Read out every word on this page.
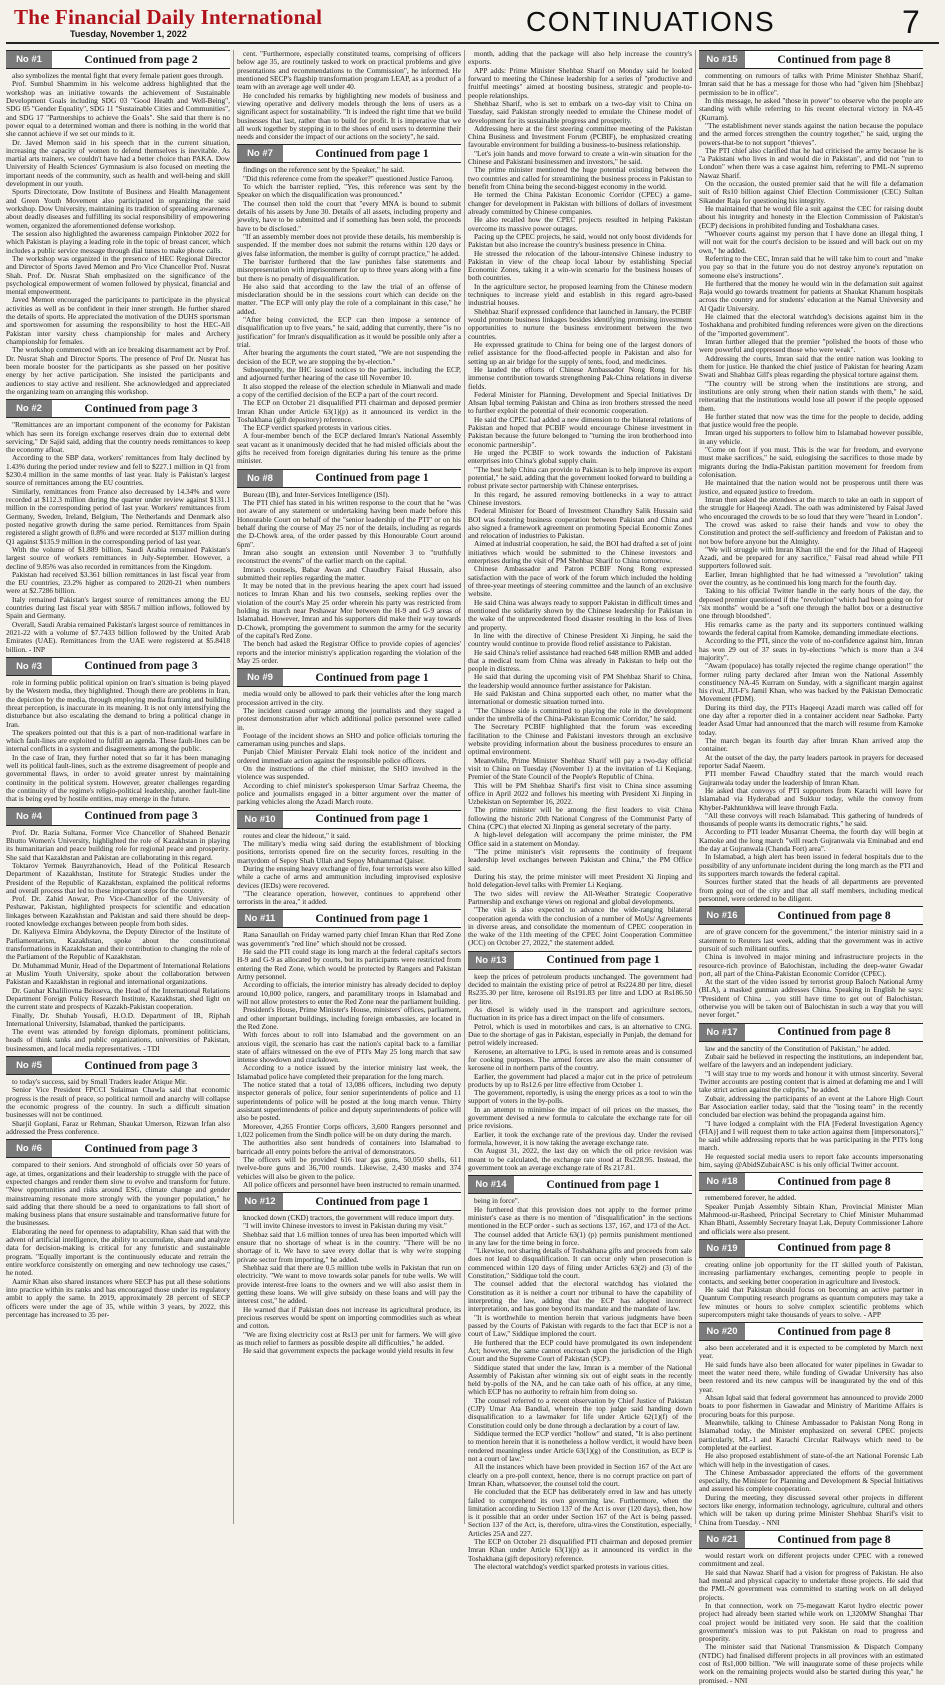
The Financial Daily International
Tuesday, November 1, 2022	CONTINUATIONS	7
No #1	Continued from page 2

also symbolizes the mental fight that every female patient goes through.

Prof. Sumbul Shammim in his welcome address highlighted that the workshop was an initiative towards the achievement of Sustainable Development Goals including SDG 03 "Good Health and Well-Being", SDG 05 "Gender Equality", SDG 11 "Sustainable Cities and Communities", and SDG 17 "Partnerships to achieve the Goals". She said that there is no power equal to a determined woman and there is nothing in the world that she cannot achieve if we set our minds to it.

Dr. Javed Memon said in his speech that in the current situation, increasing the capacity of women to defend themselves is inevitable. As martial arts trainers, we couldn't have had a better choice than PAKA. Dow University of Health Sciences' Gymnasium is also focused on meeting the important needs of the community, such as health and well-being and skill development in our youth.

Sports Directorate, Dow Institute of Business and Health Management and Green Youth Movement also participated in organizing the said workshop. Dow University, maintaining its tradition of spreading awareness about deadly diseases and fulfilling its social responsibility of empowering women, organized the aforementioned defense workshop.

The session also highlighted the awareness campaign Pinktober 2022 for which Pakistan is playing a leading role in the topic of breast cancer, which includes a public service message through dial tunes to make phone calls.

The workshop was organized in the presence of HEC Regional Director and Director of Sports Javed Memon and Pro Vice Chancellor Prof. Nusrat Shah. Prof. Dr. Nusrat Shah emphasized on the significance of the psychological empowerment of women followed by physical, financial and mental empowerment.

Javed Memon encouraged the participants to participate in the physical activities as well as be confident in their inner strength. He further shared the details of sports. He appreciated the motivation of the DUHS sportsman and sportswomen for assuming the responsibility to host the HEC-All Pakistan inter varsity chess championship for males and Archery championship for females.

The workshop commenced with an ice breaking disarmament act by Prof. Dr. Nusrat Shah and Director Sports. The presence of Prof Dr. Nusrat has been morale booster for the participants as she passed on her positive energy by her active participation. She insisted the participants and audiences to stay active and resilient. She acknowledged and appreciated the organizing team on arranging this workshop.

No #2	Continued from page 3

"Remittances are an important component of the economy for Pakistan which has seen its foreign exchange reserves drain due to external debt servicing," Dr Sajid said, adding that the country needs remittances to keep the economy afloat.

According to the SBP data, workers' remittances from Italy declined by 1.43% during the period under review and fell to $227.1 million in Q1 from $230.4 million in the same months of last year. Italy is Pakistan's largest source of remittances among the EU countries.

Similarly, remittances from France also decreased by 14.34% and were recorded at $112.3 million during the quarter under review against $131.1 million in the corresponding period of last year. Workers' remittances from Germany, Sweden, Ireland, Belgium, The Netherlands and Denmark also posted negative growth during the same period. Remittances from Spain registered a slight growth of 0.8% and were recorded at $137 million during Q1 against $135.9 million in the corresponding period of last year.

With the volume of $1.889 billion, Saudi Arabia remained Pakistan's largest source of workers remittances in July-September. However, a decline of 9.85% was also recorded in remittances from the Kingdom.

Pakistan had received $3.361 billion remittances in last fiscal year from the EU countries, 23.2% higher as compared to 2020-21 when numbers were at $2.7286 billion.

Italy remained Pakistan's largest source of remittances among the EU countries during last fiscal year with $856.7 million inflows, followed by Spain and Germany.

Overall, Saudi Arabia remained Pakistan's largest source of remittances in 2021-22 with a volume of $7.7433 billion followed by the United Arab Emirates (UAE). Remittances from the UAE were registered at $5.8418 billion. - INP

No #3	Continued from page 3

role in forming public political opinion on Iran's situation is being played by the Western media, they highlighted. Though there are problems in Iran, the depiction by the media, through employing media framing and building threat perception, is inaccurate in its meaning. It is not only intensifying the disturbance but also escalating the demand to bring a political change in Iran.

The speakers pointed out that this is a part of non-traditional warfare in which fault-lines are exploited to fulfill an agenda. These fault-lines can be internal conflicts in a system and disagreements among the public.

In the case of Iran, they further noted that so far it has been managing well its political fault-lines, such as the extreme disagreement of people and governmental flaws, in order to avoid greater unrest by maintaining continuity in the political system. However, greater challenges regarding the continuity of the regime's religio-political leadership, another fault-line that is being eyed by hostile entities, may emerge in the future.

No #4	Continued from page 3

Prof. Dr. Razia Sultana, Former Vice Chancellor of Shaheed Benazir Bhutto Women's University, highlighted the role of Kazakhstan in playing its humanitarian and peace building role for regional peace and prosperity. She said that Kazakhstan and Pakistan are collaborating in this regard.

Toktarov Yermek Bauyrzhanovich, Head of the Political Research Department of Kazakhstan, Institute for Strategic Studies under the President of the Republic of Kazakhstan, explained the political reforms and overall process that led to these important steps for the country.

Prof. Dr. Zahid Anwar, Pro Vice-Chancellor of the University of Peshawar, Pakistan, highlighted prospects for scientific and education linkages between Kazakhstan and Pakistan and said there should be deep-rooted knowledge exchanges between people from both sides.

Dr. Kaliyeva Elmira Abdykovna, the Deputy Director of the Institute of Parliamentarism, Kazakhstan, spoke about the constitutional transformations in Kazakhstan and their contribution to changing the role of the Parliament of the Republic of Kazakhstan.

Dr. Muhammad Munir, Head of the Department of International Relations at Muslim Youth University, spoke about the collaboration between Pakistan and Kazakhstan in regional and international organizations.

Dr. Gauhar Khaliliovna Beisseva, the Head of the International Relations Department Foreign Policy Research Institute, Kazakhstan, shed light on the current state and prospects of Kazakh-Pakistan cooperation.

Finally, Dr. Shuhab Yousafi, H.O.D. Department of IR, Riphah International University, Islamabad, thanked the participants.

The event was attended by foreign diplomats, prominent politicians, heads of think tanks and public organizations, universities of Pakistan, businessmen, and local media representatives. - TDI

No #5	Continued from page 3

to today's success, said by Small Traders leader Atique Mir.

Senior Vice President FPCCI Sulaiman Chawla said that economic progress is the result of peace, so political turmoil and anarchy will collapse the economic progress of the country. In such a difficult situation businesses will not be continued.

Sharjil Goplani, Faraz ur Rehman, Shaukat Umerson, Rizwan Irfan also addressed the Press conference.

No #6	Continued from page 3

compared to their seniors. And stronghold of officials over 50 years of age, at times, organizations and their leadership to struggle with the pace of expected changes and render them slow to evolve and transform for future. "New opportunities and risks around ESG, climate change and gender mainstreaming resonate more strongly with the younger population," he said adding that there should be a need to organizations to fall short of making business plans that ensure sustainable and transformative future for the businesses.

Elaborating the need for openness to adaptability, Khan said that with the advent of artificial intelligence, the ability to accumulate, share and analyze data for decision-making is critical for any futuristic and sustainable program. "Equally important is the continuously educate and retrain the entire workforce consistently on emerging and new technology use cases," he noted.

Aamir Khan also shared instances where SECP has put all these solutions into practice within its ranks and has encouraged those under its regulatory ambit to apply the same. In 2019, approximately 28 percent of SECP officers were under the age of 35, while within 3 years, by 2022, this percentage has increased to 35 per-

cent. "Furthermore, especially constituted teams, comprising of officers below age 35, are routinely tasked to work on practical problems and give presentations and recommendations to the Commission", he informed. He mentioned SECP's flagship transformation program LEAP, as a product of a team with an average age well under 40.

He concluded his remarks by highlighting new models of business and viewing operative and delivery models through the lens of users as a significant aspect for sustainability. "It is indeed the right time that we build businesses that last, rather than to build for profit. It is imperative that we all work together by stepping in to the shoes of end users to determine their needs and consider the impact of our actions on the society", he said.

No #7	Continued from page 1

findings on the reference sent by the Speaker," he said.

"Did this reference come from the speaker?" questioned Justice Farooq.

To which the barrister replied, "Yes, this reference was sent by the Speaker on which the disqualification was pronounced."

The counsel then told the court that "every MNA is bound to submit details of his assets by June 30. Details of all assets, including property and jewelry, have to be submitted and if something has been sold, the proceeds have to be disclosed."

"If an assembly member does not provide these details, his membership is suspended. If the member does not submit the returns within 120 days or gives false information, the member is guilty of corrupt practice," he added.

The barrister furthered that the law punishes false statements and misrepresentation with imprisonment for up to three years along with a fine but there is no penalty of disqualification.

He also said that according to the law the trial of an offense of misdeclaration should be in the sessions court which can decide on the matter. "The ECP will only play the role of a complainant in this case," he added.

"After being convicted, the ECP can then impose a sentence of disqualification up to five years," he said, adding that currently, there "is no justification" for Imran's disqualification as it would be possible only after a trial.

After hearing the arguments the court stated, "We are not suspending the decision of the ECP, we are stopping the by-election."

Subsequently, the IHC issued notices to the parties, including the ECP, and adjourned further hearing of the case till November 10.

It also stopped the release of the election schedule in Mianwali and made a copy of the certified decision of the ECP a part of the court record.

The ECP on October 21 disqualified PTI chairman and deposed premier Imran Khan under Article 63(1)(p) as it announced its verdict in the Toshakhana (gift depository) reference.

The ECP verdict sparked protests in various cities.

A four-member bench of the ECP declared Imran's National Assembly seat vacant as it unanimously decided that he had misled officials about the gifts he received from foreign dignitaries during his tenure as the prime minister.

No #8	Continued from page 1

Bureau (IB), and Inter-Services Intelligence (ISI).

The PTI chief has stated in his written response to the court that he "was not aware of any statement or undertaking having been made before this Honourable Court on behalf of the "senior leadership of the PTI" or on his behalf during the course of May 25 nor of the details, including as regards the D-Chowk area, of the order passed by this Honourable Court around 6pm".

Imran also sought an extension until November 3 to "truthfully reconstruct the events" of the earlier march on the capital.

Imran's counsels, Babar Awan and Chaudhry Faisal Hussain, also submitted their replies regarding the matter.

It may be noted that in the previous hearing the apex court had issued notices to Imran Khan and his two counsels, seeking replies over the violation of the court's May 25 order wherein his party was restricted from holding its march near Peshawar Mor between the H-9 and G-9 areas of Islamabad. However, Imran and his supporters did make their way towards D-Chowk, prompting the government to summon the army for the security of the capital's Red Zone.

The bench had asked the Registrar Office to provide copies of agencies' reports and the interior ministry's application regarding the violation of the May 25 order.

No #9	Continued from page 1

media would only be allowed to park their vehicles after the long march procession arrived in the city.

The incident caused outrage among the journalists and they staged a protest demonstration after which additional police personnel were called in.

Footage of the incident shows an SHO and police officials torturing the cameraman using punches and slaps.

Punjab Chief Minister Pervaiz Elahi took notice of the incident and ordered immediate action against the responsible police officers.

On the instructions of the chief minister, the SHO involved in the violence was suspended.

According to chief minister's spokesperson Umar Sarfraz Cheema, the police and journalists engaged in a bitter argument over the matter of parking vehicles along the Azadi March route.

No #10	Continued from page 1

routes and clear the hideout," it said.

The military's media wing said during the establishment of blocking positions, terrorists opened fire on the security forces, resulting in the martyrdom of Sepoy Shah Ullah and Sepoy Muhammad Qaiser.

During the ensuing heavy exchange of fire, four terrorists were also killed while a cache of arms and ammunition including improvised explosive devices (IEDs) were recovered.

"The clearance operation, however, continues to apprehend other terrorists in the area," it added.

No #11	Continued from page 1

Rana Sanaullah on Friday warned party chief Imran Khan that Red Zone was government's "red line" which should not be crossed.

He said the PTI could stage its long march at the federal capital's sectors H-9 and G-9 as allocated by courts, but its participants were restricted from entering the Red Zone, which would be protected by Rangers and Pakistan Army personnel.

According to officials, the interior ministry has already decided to deploy around 10,000 police, rangers, and paramilitary troops in Islamabad and will not allow protesters to enter the Red Zone near the parliament building.

President's House, Prime Minister's House, ministers' offices, parliament, and other important buildings, including foreign embassies, are located in the Red Zone.

With forces about to roll into Islamabad and the government on an anxious vigil, the scenario has cast the nation's capital back to a familiar state of affairs witnessed on the eve of PTI's May 25 long march that saw intense showdown and crackdown.

According to a notice issued by the interior ministry last week, the Islamabad police have completed their preparation for the long march.

The notice stated that a total of 13,086 officers, including two deputy inspector generals of police, four senior superintendents of police and 11 superintendents of police will be posted at the long march venue. Thirty assistant superintendents of police and deputy superintendents of police will also be posted.

Moreover, 4,265 Frontier Corps officers, 3,600 Rangers personnel and 1,022 policemen from the Sindh police will be on duty during the march.

The authorities also sent hundreds of containers into Islamabad to barricade all entry points before the arrival of demonstrators.

The officers will be provided 616 tear gas guns, 50,050 shells, 611 twelve-bore guns and 36,700 rounds. Likewise, 2,430 masks and 374 vehicles will also be given to the police.

All police officers and personnel have been instructed to remain unarmed.

No #12	Continued from page 1

knocked down (CKD) tractors, the government will reduce import duty.

"I will invite Chinese investors to invest in Pakistan during my visit."

Shehbaz said that 1.6 million tonnes of urea has been imported which will ensure that no shortage of wheat is in the country. "There will be no shortage of it. We have to save every dollar that is why we're stopping private sector from importing," he added.

Shehbaz said that there are 0.5 million tube wells in Pakistan that run on electricity. "We want to move towards solar panels for tube wells. We will provide interest-free loans to the owners and we will also assist them in getting these loans. We will give subsidy on these loans and will pay the interest cost," he added.

He warned that if Pakistan does not increase its agricultural produce, its precious reserves would be spent on importing commodities such as wheat and cotton.

"We are fixing electricity cost at Rs13 per unit for farmers. We will give as much relief to farmers as possible despite all difficulties," he added.

He said that government expects the package would yield results in few

month, adding that the package will also help increase the country's exports.

APP adds: Prime Minister Shehbaz Sharif on Monday said he looked forward to meeting the Chinese leadership for a series of "productive and fruitful meetings" aimed at boosting business, strategic and people-to-people relationships.

Shehbaz Sharif, who is set to embark on a two-day visit to China on Tuesday, said Pakistan strongly needed to emulate the Chinese model of development for its sustainable progress and prosperity.

Addressing here at the first steering committee meeting of the Pakistan China Business and Investment Forum (PCBIF), he emphasized creating favourable environment for building a business-to-business relationship.

"Let's join hands and move forward to create a win-win situation for the Chinese and Pakistani businessmen and investors," he said.

The prime minister mentioned the huge potential existing between the two countries and called for streamlining the business process in Pakistan to benefit from China being the second-biggest economy in the world.

He termed the China Pakistan Economic Corridor (CPEC) a game-changer for development in Pakistan with billions of dollars of investment already committed by Chinese companies.

He also recalled how the CPEC projects resulted in helping Pakistan overcome its massive power outages.

Pacing up the CPEC projects, he said, would not only boost dividends for Pakistan but also increase the country's business presence in China.

He stressed the relocation of the labour-intensive Chinese industry to Pakistan in view of the cheap local labour by establishing Special Economic Zones, taking it a win-win scenario for the business houses of both countries.

In the agriculture sector, he proposed learning from the Chinese modern techniques to increase yield and establish in this regard agro-based industrial houses.

Shehbaz Sharif expressed confidence that launched in January, the PCBIF would promote business linkages besides identifying promising investment opportunities to nurture the business environment between the two countries.

He expressed gratitude to China for being one of the largest donors of relief assistance for the flood-affected people in Pakistan and also for setting up an air bridge for the supply of tents, food, and medicines.

He lauded the efforts of Chinese Ambassador Nong Rong for his immense contribution towards strengthening Pak-China relations in diverse fields.

Federal Minister for Planning, Development and Special Initiatives Dr Ahsan Iqbal terming Pakistan and China as iron brothers stressed the need to further exploit the potential of their economic cooperation.

He said the CPEC had added a new dimension to the bilateral relations of Pakistan and hoped that PCBIF would encourage Chinese investment in Pakistan because the future belonged to "turning the iron brotherhood into economic partnership".

He urged the PCBIF to work towards the induction of Pakistani enterprises into China's global supply chain.

"The best help China can provide to Pakistan is to help improve its export potential," he said, adding that the government looked forward to building a robust private sector partnership with Chinese enterprises.

In this regard, he assured removing bottlenecks in a way to attract Chinese investors.

Federal Minister for Board of Investment Chaudhry Salik Hussain said BOI was fostering business cooperation between Pakistan and China and also signed a framework agreement on promoting Special Economic Zones and relocation of industries to Pakistan.

Aimed at industrial cooperation, he said, the BOI had drafted a set of joint initiatives which would be submitted to the Chinese investors and enterprises during the visit of PM Shehbaz Sharif to China tomorrow.

Chinese Ambassador and Patron PCBIF Nong Rong expressed satisfaction with the pace of work of the forum which included the holding of three-year meetings of steering committee and the launch of an exclusive website.

He said China was always ready to support Pakistan in difficult times and mentioned the solidarity shown by the Chinese leadership for Pakistan in the wake of the unprecedented flood disaster resulting in the loss of lives and property.

In line with the directive of Chinese President Xi Jinping, he said the country would continue to provide flood relief assistance to Pakistan.

He said China's relief assistance had reached 648 million RMB and added that a medical team from China was already in Pakistan to help out the people in distress.

He said that during the upcoming visit of PM Shehbaz Sharif to China, the leadership would announce further assistance for Pakistan.

He said Pakistan and China supported each other, no matter what the international or domestic situation turned into.

"The Chinese side is committed to playing the role in the development under the umbrella of the China-Pakistan Economic Corridor," he said.

The Secretary PCBIF highlighted that the forum was exceeding facilitation to the Chinese and Pakistani investors through an exclusive website providing information about the business procedures to ensure an optimal environment.

Meanwhile, Prime Minister Shehbaz Sharif will pay a two-day official visit to China on Tuesday (November 1) at the invitation of Li Keqiang, Premier of the State Council of the People's Republic of China.

This will be PM Shehbaz Sharif's first visit to China since assuming office in April 2022 and follows his meeting with President Xi Jinping in Uzbekistan on September 16, 2022.

The prime minister will be among the first leaders to visit China following the historic 20th National Congress of the Communist Party of China (CPC) that elected Xi Jinping as general secretary of the party.

A high-level delegation will accompany the prime minister, the PM Office said in a statement on Monday.

"The prime minister's visit represents the continuity of frequent leadership level exchanges between Pakistan and China," the PM Office said.

During his stay, the prime minister will meet President Xi Jinping and hold delegation-level talks with Premier Li Keqiang.

The two sides will review the All-Weather Strategic Cooperative Partnership and exchange views on regional and global developments.

"The visit is also expected to advance the wide-ranging bilateral cooperation agenda with the conclusion of a number of MoUs/ Agreements in diverse areas, and consolidate the momentum of CPEC cooperation in the wake of the 11th meeting of the CPEC Joint Cooperation Committee (JCC) on October 27, 2022," the statement added.

No #13	Continued from page 1

keep the prices of petroleum products unchanged. The government had decided to maintain the existing price of petrol at Rs224.80 per litre, diesel Rs235.30 per litre, kerosene oil Rs191.83 per litre and LDO at Rs186.50 per litre.

As diesel is widely used in the transport and agriculture sectors, fluctuation in its price has a direct impact on the life of consumers.

Petrol, which is used in motorbikes and cars, is an alternative to CNG. Due to the shortage of gas in Pakistan, especially in Punjab, the demand for petrol widely increased.

Kerosene, an alternative to LPG, is used in remote areas and is consumed for cooking purposes. The armed forces are also the main consumer of kerosene oil in northern parts of the country.

Earlier, the government had placed a major cut in the price of petroleum products by up to Rs12.6 per litre effective from October 1.

The government, reportedly, is using the energy prices as a tool to win the support of voters in the by-polls.

In an attempt to minimise the impact of oil prices on the masses, the government devised a new formula to calculate the exchange rate for oil price revisions.

Earlier, it took the exchange rate of the previous day. Under the revised formula, however, it is now taking the average exchange rate.

On August 31, 2022, the last day on which the oil price revision was meant to be calculated, the exchange rate stood at Rs228.95. Instead, the government took an average exchange rate of Rs 217.81.

No #14	Continued from page 1

being in force".

He furthered that this provision does not apply to the former prime minister's case as there is no mention of "disqualification" in the sections mentioned in the ECP order - such as sections 137, 167, and 173 of the Act.

The counsel added that Article 63(1) (p) permits punishment mentioned in any law for the time being in force.

"Likewise, not sharing details of Toshakhana gifts and proceeds from sale does not lead to disqualification. It can occur only when prosecution is commenced within 120 days of filing under Articles 63(2) and (3) of the Constitution," Siddique told the court.

The counsel added that the electoral watchdog has violated the Constitution as it is neither a court nor tribunal to have the capability of interpreting the law, adding that the ECP has adopted incorrect interpretation, and has gone beyond its mandate and the mandate of law.

"It is worthwhile to mention herein that various judgments have been passed by the Courts of Pakistan with regards to the fact that ECP is not a court of Law," Siddique implored the court.

He furthered that the ECP could have promulgated its own independent Act; however, the same cannot encroach upon the jurisdiction of the High Court and the Supreme Court of Pakistan (SCP).

Siddique stated that under the law, Imran is a member of the National Assembly of Pakistan after winning six out of eight seats in the recently held by-polls of the NA, and he can take oath of his office, at any time, which ECP has no authority to refrain him from doing so.

The counsel referred to a recent observation by Chief Justice of Pakistan (CJP) Umar Ata Bandial, wherein the top judge said handing down disqualification to a lawmaker for life under Article 62(1)(f) of the Constitution could only be done through a declaration by a court of law.

Siddique termed the ECP verdict "hollow" and stated, "It is also pertinent to mention herein that it is nonetheless a hollow verdict, it would have been rendered meaningless under Article 63(1)(g) of the Constitution, as ECP is not a court of law."

All the instances which have been provided in Section 167 of the Act are clearly on a pre-poll context, hence, there is no corrupt practice on part of Imran Khan, whatsoever, the counsel told the court.

He concluded that the ECP has deliberately erred in law and has utterly failed to comprehend its own governing law. Furthermore, when the limitation according to Section 137 of the Act is over (120 days), then, how is it possible that an order under Section 167 of the Act is being passed. Section 137 of the Act, is, therefore, ultra-vires the Constitution, especially, Articles 25A and 227.

The ECP on October 21 disqualified PTI chairman and deposed premier Imran Khan under Article 63(1)(p) as it announced its verdict in the Toshakhana (gift depository) reference.

The electoral watchdog's verdict sparked protests in various cities.

No #15	Continued from page 8

commenting on rumours of talks with Prime Minister Shehbaz Sharif, Imran said that he has a message for those who had "given him [Shehbaz] permission to be in office".

In this message, he asked "those in power" to observe who the people are standing with while referring to his recent electoral victory in NA-45 (Kurram).

"The establishment never stands against the nation because the populace and the armed forces strengthen the country together," he said, urging the powers-that-be to not support "thieves".

The PTI chief also clarified that he had criticised the army because he is "a Pakistani who lives in and would die in Pakistan", and did not "run to London" when there was a case against him, referring to PML-N supremo Nawaz Sharif.

On the occasion, the ousted premier said that he will file a defamation suit of Rs10 billion against Chief Election Commissioner (CEC) Sultan Sikander Raja for questioning his integrity.

He maintained that he would file a suit against the CEC for raising doubt about his integrity and honesty in the Election Commission of Pakistan's (ECP) decisions in prohibited funding and Toshakhana cases.

"Whoever courts against my person that I have done an illegal thing, I will not wait for the court's decision to be issued and will back out on my own," he added.

Referring to the CEC, Imran said that he will take him to court and "make you pay so that in the future you do not destroy anyone's reputation on someone else's instructions".

He furthered that the money he would win in the defamation suit against Raja would go towards treatment for patients at Shaukat Khanum hospitals across the country and for students' education at the Namal University and Al Qadir University.

He claimed that the electoral watchdog's decisions against him in the Toshakhana and prohibited funding references were given on the directions of the "imported government".

Imran further alleged that the premier "polished the boots of those who were powerful and oppressed those who were weak".

Addressing the courts, Imran said that the entire nation was looking to them for justice. He thanked the chief justice of Pakistan for hearing Azam Swati and Shahbaz Gill's pleas regarding the physical torture against them.

"The country will be strong when the institutions are strong, and institutions are only strong when their nation stands with them," he said, reiterating that the institutions would lose all power if the people opposed them.

He further stated that now was the time for the people to decide, adding that justice would free the people.

Imran urged his supporters to follow him to Islamabad however possible, in any vehicle.

"Come on foot if you must. This is the war for freedom, and everyone must make sacrifices," he said, eulogising the sacrifices to those made by migrants during the India-Pakistan partition movement for freedom from colonisation.

He maintained that the nation would not be prosperous until there was justice, and equated justice to freedom.

Imran then asked the attendees at the march to take an oath in support of the struggle for Haqeeqi Azadi. The oath was administered by Faisal Javed who encouraged the crowds to be so loud that they were "heard in London".

The crowd was asked to raise their hands and vow to obey the Constitution and protect the self-sufficiency and freedom of Pakistan and to not bow before anyone but the Almighty.

"We will struggle with Imran Khan till the end for the Jihad of Haqeeqi Azadi, and be prepared for any sacrifice," Faisal read ahead while PTI supporters followed suit.

Earlier, Imran highlighted that he had witnessed a "revolution" taking over the country, as he continued his long march for the fourth day.

Taking to his official Twitter handle in the early hours of the day, the deposed premier questioned if the "revolution" which had been going on for "six months" would be a "soft one through the ballot box or a destructive one through bloodshed".

His remarks came as the party and its supporters continued walking towards the federal capital from Kamoke, demanding immediate elections.

According to the PTI, since the vote of no-confidence against him, Imran has won 29 out of 37 seats in by-elections "which is more than a 3/4 majority".

"Awam (populace) has totally rejected the regime change operation!" the former ruling party declared after Imran won the National Assembly constituency NA-45 Kurram on Sunday, with a significant margin against his rival, JUI-F's Jamil Khan, who was backed by the Pakistan Democratic Movement (PDM).

During its third day, the PTI's Haqeeqi Azadi march was called off for one day after a reporter died in a container accident near Sadhoke. Party leader Asad Umar had announced that the march will resume from Kamoke today.

The march began its fourth day after Imran Khan arrived atop the container.

At the outset of the day, the party leaders partook in prayers for deceased reporter Sadaf Naeem.

PTI member Fawad Chaudhry stated that the march would reach Gujranwala today under the leadership of Imran Khan.

He asked that convoys of PTI supporters from Karachi will leave for Islamabad via Hyderabad and Sukkur today, while the convoy from Khyber-Pakhtunkhwa will leave through Fazla.

"All these convoys will reach Islamabad. This gathering of hundreds of thousands of people wants its democratic rights," he said.

According to PTI leader Musarrat Cheema, the fourth day will begin at Kamoke and the long march "will reach Gujranwala via Eminabad and end the day at Gujranwala (Chanda Fort) area".

In Islamabad, a high alert has been issued in federal hospitals due to the possibility of any unfortunate incident during the long march as the PTI and its supporters march towards the federal capital.

Sources further stated that the heads of all departments are prevented from going out of the city and that all staff members, including medical personnel, were ordered to be diligent.

No #16	Continued from page 8

are of grave concern for the government," the interior ministry said in a statement to Reuters last week, adding that the government was in active pursuit of such militant outfits.

China is involved in major mining and infrastructure projects in the resource-rich province of Balochistan, including the deep-water Gwadar port, all part of the China-Pakistan Economic Corridor (CPEC).

At the start of the video issued by terrorist group Baloch National Army (BLA), a masked gunman addresses China. Speaking in English he says: "President of China ... you still have time to get out of Balochistan, otherwise you will be taken out of Balochistan in such a way that you will never forget."

No #17	Continued from page 8

law and the sanctity of the Constitution of Pakistan," he added.

Zubair said he believed in respecting the institutions, an independent bar, welfare of the lawyers and an independent judiciary.

"I will stay true to my words and honour it with utmost sincerity. Several Twitter accounts are posting content that is aimed at defaming me and I will take strict action against the culprits," he added.

Zubair, addressing the participants of an event at the Lahore High Court Bar Association earlier today, said that the "losing team" in the recently concluded bar election was behind the propaganda against him.

"I have lodged a complaint with the FIA [Federal Investigation Agency (FIA)] and I will request them to take action against them [impersonators]," he said while addressing reports that he was participating in the PTI's long march.

He requested social media users to report fake accounts impersonating him, saying @AbidSZubairASC is his only official Twitter account.

No #18	Continued from page 8

remembered forever, he added.

Speaker Punjab Assembly Sibtain Khan, Provincial Minister Mian Mahmood-ur-Rasheed, Principal Secretary to Chief Minister Muhammad Khan Bhatti, Assembly Secretary Inayat Lak, Deputy Commissioner Lahore and officials were also present.

No #19	Continued from page 8

creating online job opportunity for the IT skilled youth of Pakistan, increasing parliamentary exchanges, cementing people to people in contacts, and seeking better cooperation in agriculture and livestock.

He said that Pakistan should focus on becoming an active partner in Quantum Computing research programs as quantum computers may take a few minutes or hours to solve complex scientific problems which supercomputers might take thousands of years to solve. - APP

No #20	Continued from page 8

also been accelerated and it is expected to be completed by March next year.

He said funds have also been allocated for water pipelines in Gwadar to meet the water need there, while funding of Gwadar University has also been restored and its new campus will be inaugurated by the end of this year.

Ahsan Iqbal said that federal government has announced to provide 2000 boats to poor fishermen in Gawadar and Ministry of Maritime Affairs is procuring boats for this purpose.

Meanwhile, talking to Chinese Ambassador to Pakistan Nong Rong in Islamabad today, the Minister emphasized on several CPEC projects particularly, ML-1 and Karachi Circular Railways which need to be completed at the earliest.

He also proposed establishment of state-of-the art National Forensic Lab which will help in the investigation of cases.

The Chinese Ambassador appreciated the efforts of the government especially, the Minister for Planning and Development & Special Initiatives and assured his complete cooperation.

During the meeting, they discussed several other projects in different sectors like energy, information technology, agriculture, cultural and others which will be taken up during prime Minister Shehbaz Sharif's visit to China from Tuesday. - NNI

No #21	Continued from page 8

would restart work on different projects under CPEC with a renewed commitment and zeal.

He said that Nawaz Sharif had a vision for progress of Pakistan. He also had mental and physical capacity to undertake those projects. He said that the PML-N government was committed to starting work on all delayed projects.

In that connection, work on 75-megawatt Karot hydro electric power project had already been started while work on 1,320MW Shanghai Thar coal project would be initiated very soon. He said that the coalition government's mission was to put Pakistan on road to progress and prosperity.

The minister said that National Transmission & Dispatch Company (NTDC) had finalised different projects in all provinces with an estimated cost of Rs1,000 billion. "We will inaugurate some of these projects while work on the remaining projects would also be started during this year," he promised. - NNI
